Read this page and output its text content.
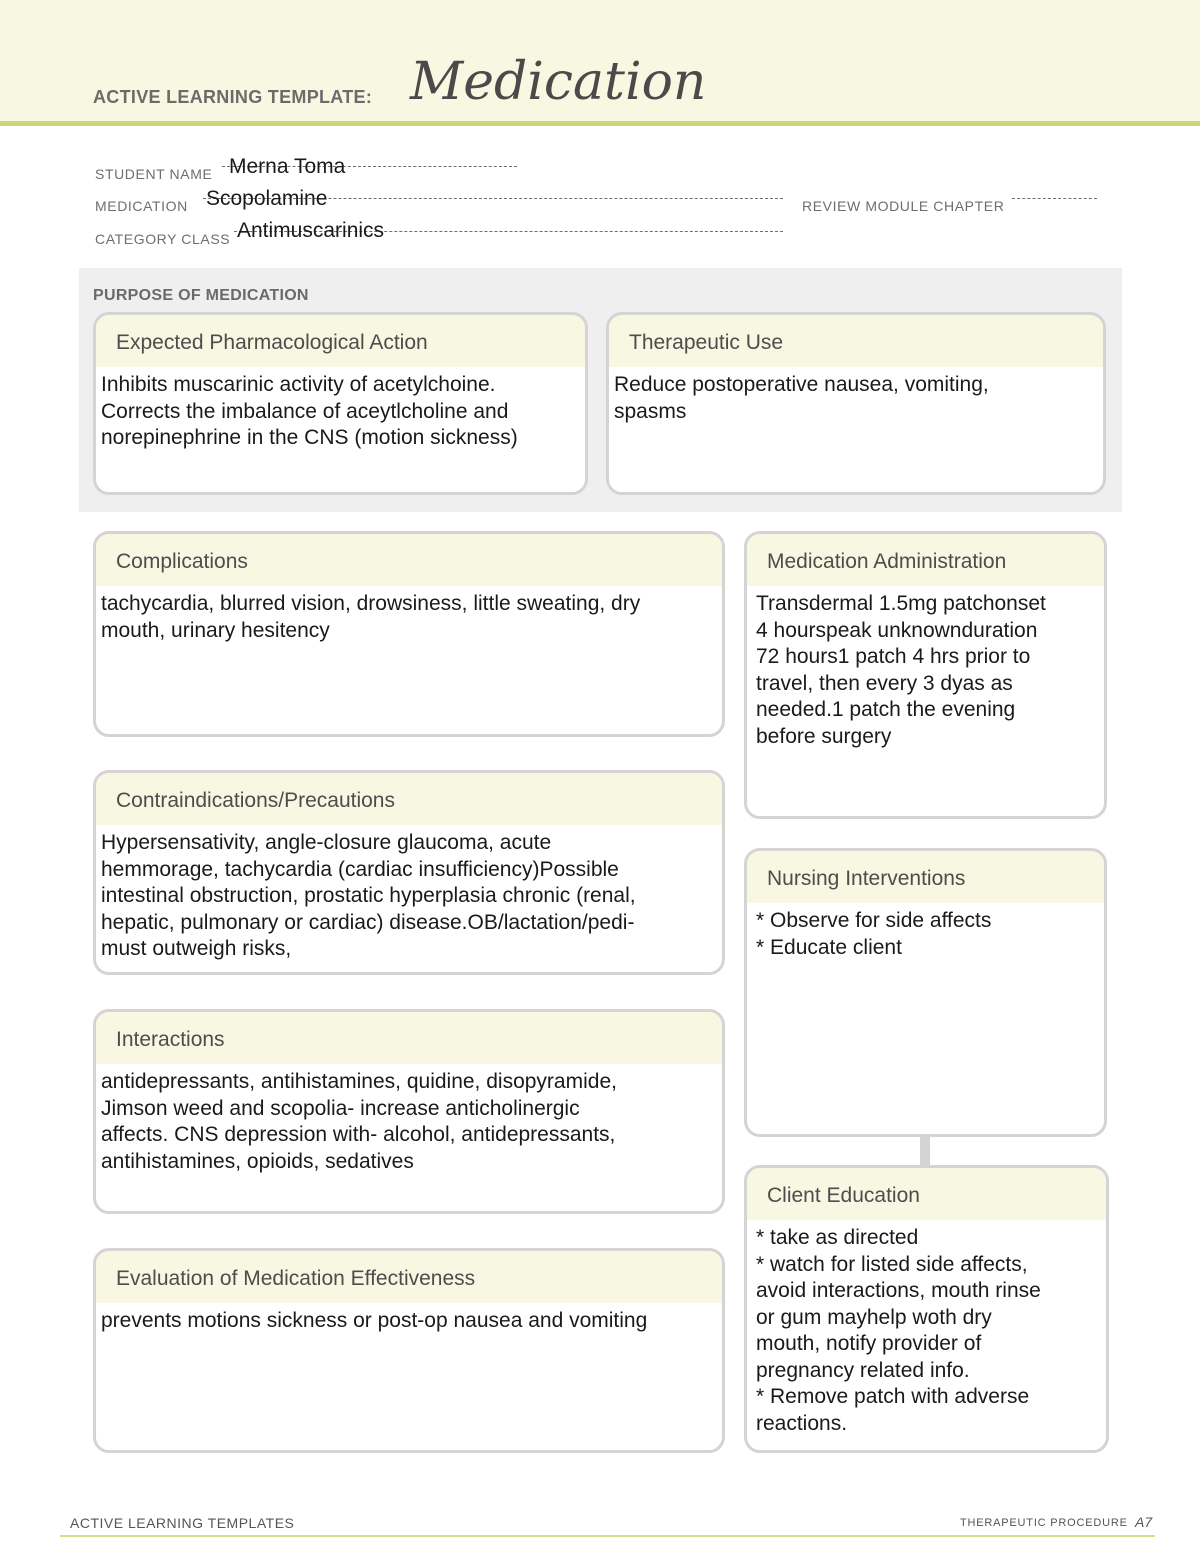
ACTIVE LEARNING TEMPLATE: Medication
STUDENT NAME Merna Toma
MEDICATION Scopolamine	REVIEW MODULE CHAPTER
CATEGORY CLASS Antimuscarinics
PURPOSE OF MEDICATION
Expected Pharmacological Action
Inhibits muscarinic activity of acetylchoine.
Corrects the imbalance of aceytlcholine and
norepinephrine in the CNS (motion sickness)
Therapeutic Use
Reduce postoperative nausea, vomiting,
spasms
Complications
tachycardia, blurred vision, drowsiness, little sweating, dry
mouth, urinary hesitency
Contraindications/Precautions
Hypersensativity, angle-closure glaucoma, acute
hemmorage, tachycardia (cardiac insufficiency)Possible
intestinal obstruction, prostatic hyperplasia chronic (renal,
hepatic, pulmonary or cardiac) disease.OB/lactation/pedi-
must outweigh risks,
Interactions
antidepressants, antihistamines, quidine, disopyramide,
Jimson weed and scopolia- increase anticholinergic
affects. CNS depression with- alcohol, antidepressants,
antihistamines, opioids, sedatives
Evaluation of Medication Effectiveness
prevents motions sickness or post-op nausea and vomiting
Medication Administration
Transdermal 1.5mg patchonset
4 hourspeak unknownduration
72 hours1 patch 4 hrs prior to
travel, then every 3 dyas as
needed.1 patch the evening
before surgery
Nursing Interventions
* Observe for side affects
* Educate client
Client Education
* take as directed
* watch for listed side affects,
avoid interactions, mouth rinse
or gum mayhelp woth dry
mouth, notify provider of
pregnancy related info.
* Remove patch with adverse
reactions.
ACTIVE LEARNING TEMPLATES	THERAPEUTIC PROCEDURE A7
